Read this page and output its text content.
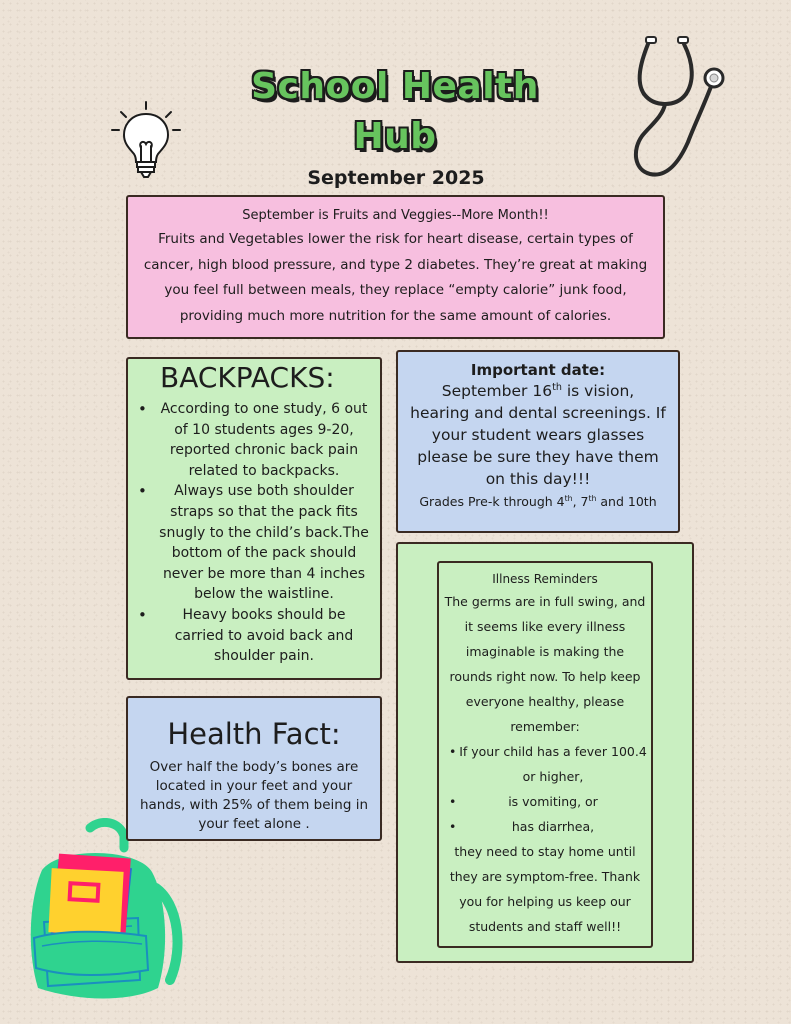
School Health
Hub
September 2025
September is Fruits and Veggies--More Month!!
Fruits and Vegetables lower the risk for heart disease, certain types of cancer, high blood pressure, and type 2 diabetes. They’re great at making you feel full between meals, they replace “empty calorie” junk food, providing much more nutrition for the same amount of calories.
BACKPACKS:
• According to one study, 6 out of 10 students ages 9-20, reported chronic back pain related to backpacks.
• Always use both shoulder straps so that the pack fits snugly to the child’s back.The bottom of the pack should never be more than 4 inches below the waistline.
• Heavy books should be carried to avoid back and shoulder pain.
Important date:
September 16th is vision, hearing and dental screenings. If your student wears glasses please be sure they have them on this day!!!
Grades Pre-k through 4th, 7th and 10th
Health Fact:
Over half the body’s bones are located in your feet and your hands, with 25% of them being in your feet alone .
Illness Reminders
The germs are in full swing, and it seems like every illness imaginable is making the rounds right now. To help keep everyone healthy, please remember:
• If your child has a fever 100.4 or higher,
• is vomiting, or
• has diarrhea,
they need to stay home until they are symptom-free. Thank you for helping us keep our students and staff well!!
